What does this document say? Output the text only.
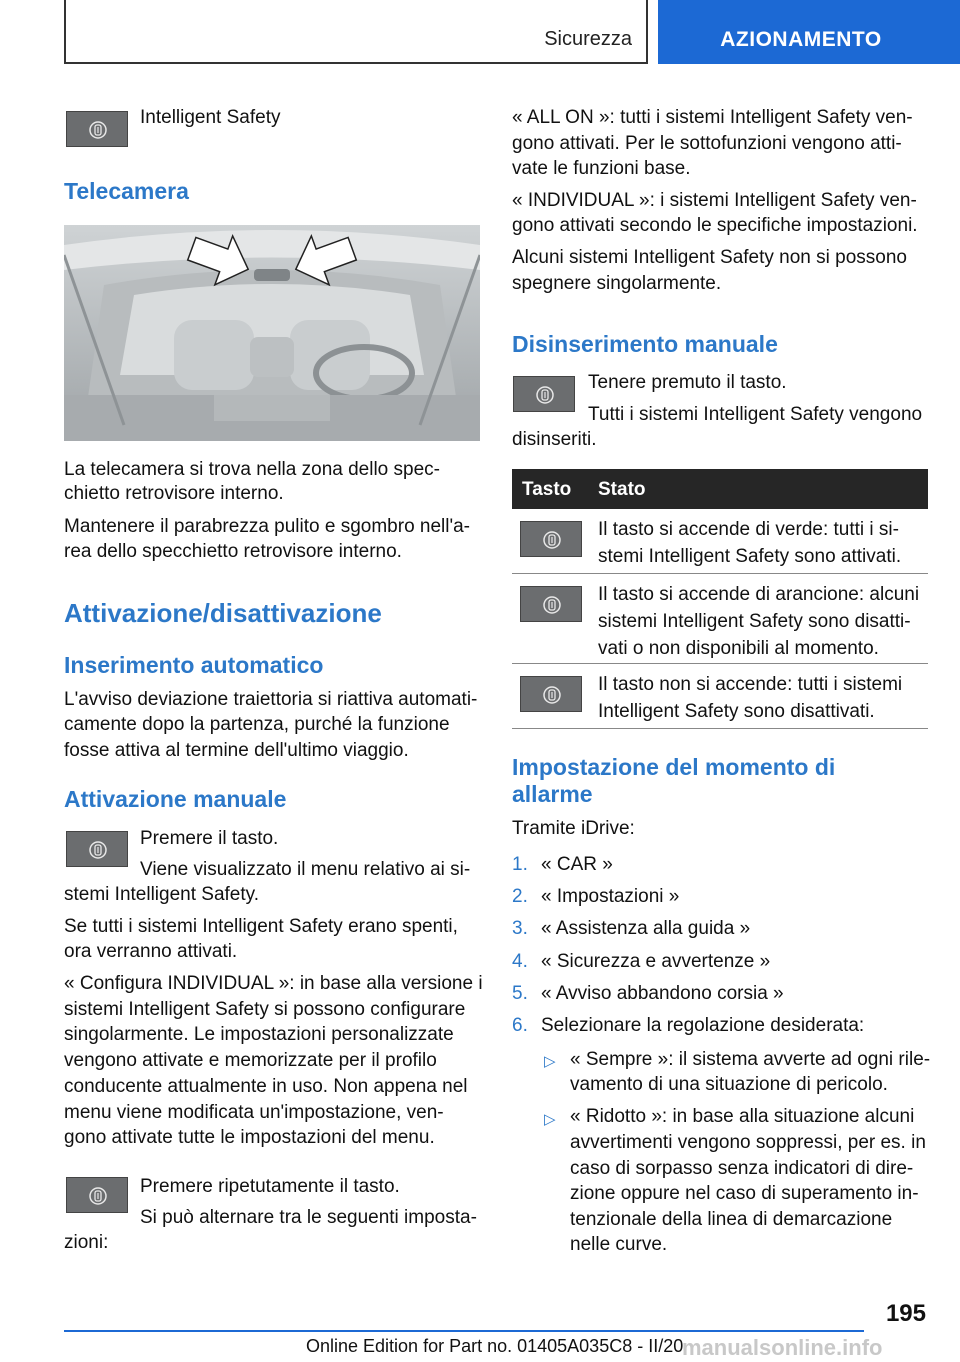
Sicurezza	AZIONAMENTO

Intelligent Safety

Telecamera

La telecamera si trova nella zona dello spec-

chietto retrovisore interno.

Mantenere il parabrezza pulito e sgombro nell'a-

rea dello specchietto retrovisore interno.

Attivazione/disattivazione
Inserimento automatico

L'avviso deviazione traiettoria si riattiva automati-

camente dopo la partenza, purché la funzione

fosse attiva al termine dell'ultimo viaggio.

Attivazione manuale

Premere il tasto.

Viene visualizzato il menu relativo ai si-

stemi Intelligent Safety.

Se tutti i sistemi Intelligent Safety erano spenti,

ora verranno attivati.

« Configura INDIVIDUAL »: in base alla versione i

sistemi Intelligent Safety si possono configurare

singolarmente. Le impostazioni personalizzate

vengono attivate e memorizzate per il profilo

conducente attualmente in uso. Non appena nel

menu viene modificata un'impostazione, ven-

gono attivate tutte le impostazioni del menu.

Premere ripetutamente il tasto.

Si può alternare tra le seguenti imposta-

zioni:

« ALL ON »: tutti i sistemi Intelligent Safety ven-

gono attivati. Per le sottofunzioni vengono atti-

vate le funzioni base.

« INDIVIDUAL »: i sistemi Intelligent Safety ven-

gono attivati secondo le specifiche impostazioni.

Alcuni sistemi Intelligent Safety non si possono

spegnere singolarmente.

Disinserimento manuale

Tenere premuto il tasto.

Tutti i sistemi Intelligent Safety vengono

disinseriti.

Tasto Stato

Il tasto si accende di verde: tutti i si-

stemi Intelligent Safety sono attivati.

Il tasto si accende di arancione: alcuni

sistemi Intelligent Safety sono disatti-

vati o non disponibili al momento.

Il tasto non si accende: tutti i sistemi

Intelligent Safety sono disattivati.

Impostazione del momento di
allarme

Tramite iDrive:

1. « CAR »
2. « Impostazioni »
3. « Assistenza alla guida »
4. « Sicurezza e avvertenze »
5. « Avviso abbandono corsia »
6. Selezionare la regolazione desiderata:
▷ « Sempre »: il sistema avverte ad ogni rile-

vamento di una situazione di pericolo.

▷ « Ridotto »: in base alla situazione alcuni

avvertimenti vengono soppressi, per es. in

caso di sorpasso senza indicatori di dire-

zione oppure nel caso di superamento in-

tenzionale della linea di demarcazione

nelle curve.

195
Online Edition for Part no. 01405A035C8 - II/20
manualsonline.info
